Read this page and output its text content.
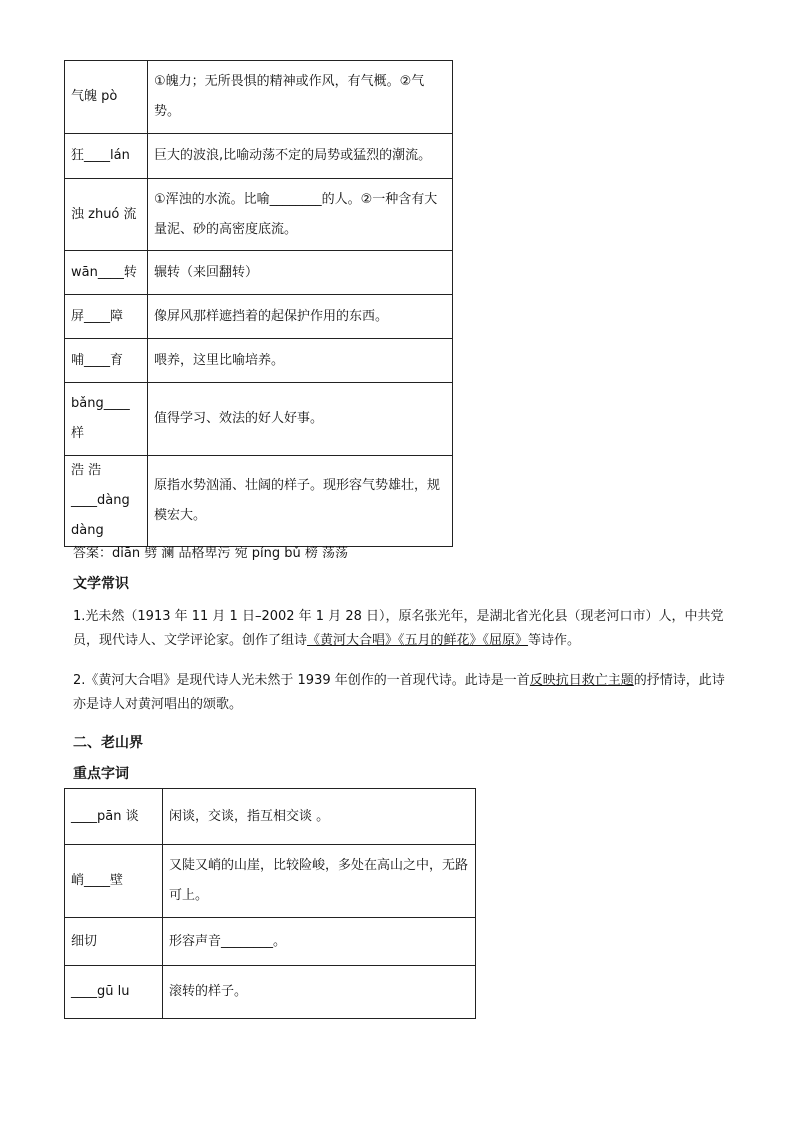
气魄 pò	①魄力；无所畏惧的精神或作风，有气概。②气势。
狂____lán	巨大的波浪,比喻动荡不定的局势或猛烈的潮流。
浊 zhuó 流	①浑浊的水流。比喻________的人。②一种含有大量泥、砂的高密度底流。
wān____转	辗转（来回翻转）
屏____障	像屏风那样遮挡着的起保护作用的东西。
哺____育	喂养，这里比喻培养。
bǎng____样	值得学习、效法的好人好事。
浩 浩 ____dàng dàng	原指水势汹涌、壮阔的样子。现形容气势雄壮，规模宏大。
答案：diān 劈 澜 品格卑污 宛 píng bǔ 榜 荡荡
文学常识
1.光未然（1913 年 11 月 1 日–2002 年 1 月 28 日），原名张光年，是湖北省光化县（现老河口市）人，中共党员，现代诗人、文学评论家。创作了组诗《黄河大合唱》《五月的鲜花》《屈原》等诗作。
2.《黄河大合唱》是现代诗人光未然于 1939 年创作的一首现代诗。此诗是一首反映抗日救亡主题的抒情诗，此诗亦是诗人对黄河唱出的颂歌。
二、老山界
重点字词
____pān 谈	闲谈，交谈，指互相交谈 。
峭____壁	又陡又峭的山崖，比较险峻，多处在高山之中，无路可上。
细切	形容声音________。
____gū lu	滚转的样子。
